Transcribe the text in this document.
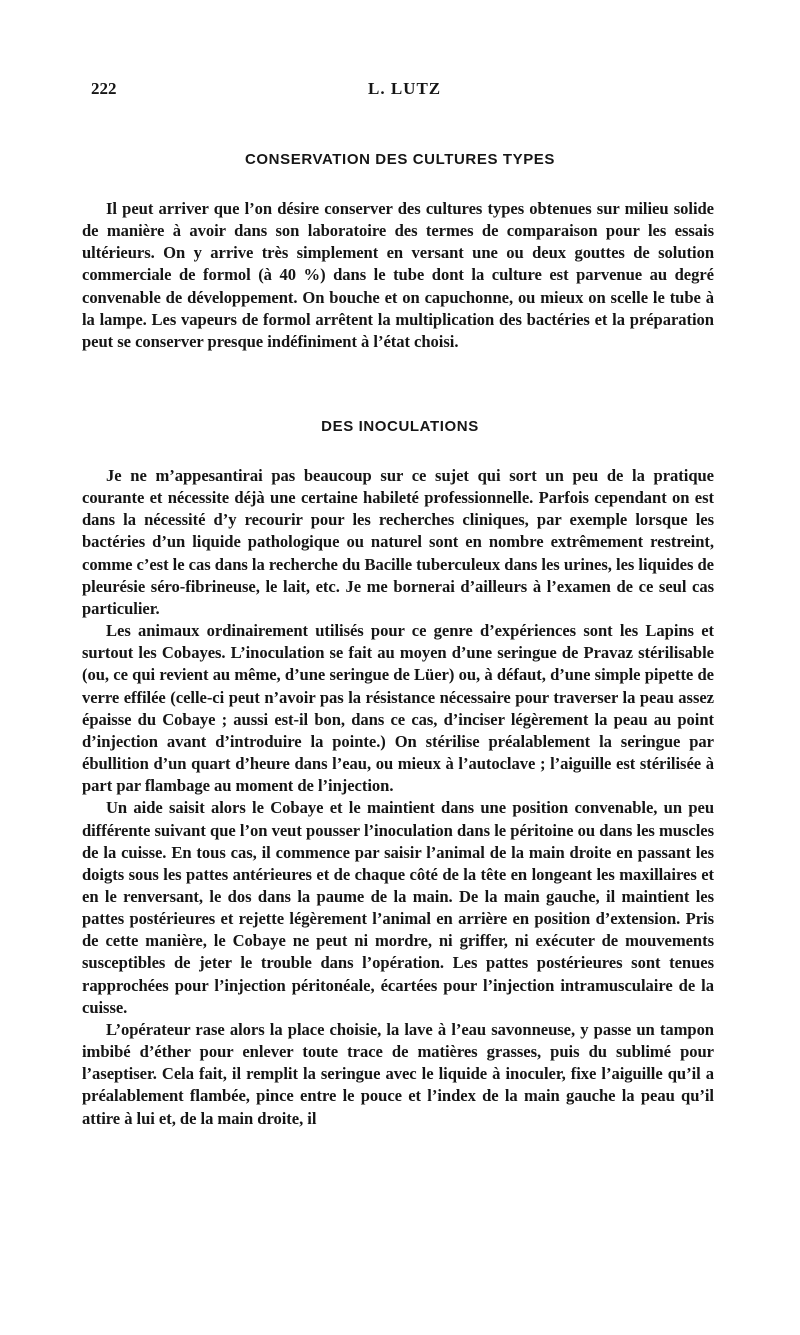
222	L. LUTZ
CONSERVATION DES CULTURES TYPES

Il peut arriver que l’on désire conserver des cultures types obtenues sur milieu solide de manière à avoir dans son laboratoire des termes de comparaison pour les essais ultérieurs. On y arrive très simplement en versant une ou deux gouttes de solution commerciale de formol (à 40 %) dans le tube dont la culture est parvenue au degré convenable de développement. On bouche et on capuchonne, ou mieux on scelle le tube à la lampe. Les vapeurs de formol arrêtent la multiplication des bactéries et la préparation peut se conserver presque indéfiniment à l’état choisi.

DES INOCULATIONS

Je ne m’appesantirai pas beaucoup sur ce sujet qui sort un peu de la pratique courante et nécessite déjà une certaine habileté professionnelle. Parfois cependant on est dans la nécessité d’y recourir pour les recherches cliniques, par exemple lorsque les bactéries d’un liquide pathologique ou naturel sont en nombre extrêmement restreint, comme c’est le cas dans la recherche du Bacille tuberculeux dans les urines, les liquides de pleurésie séro-fibrineuse, le lait, etc. Je me bornerai d’ailleurs à l’examen de ce seul cas particulier.

Les animaux ordinairement utilisés pour ce genre d’expériences sont les Lapins et surtout les Cobayes. L’inoculation se fait au moyen d’une seringue de Pravaz stérilisable (ou, ce qui revient au même, d’une seringue de Lüer) ou, à défaut, d’une simple pipette de verre effilée (celle-ci peut n’avoir pas la résistance nécessaire pour traverser la peau assez épaisse du Cobaye ; aussi est-il bon, dans ce cas, d’inciser légèrement la peau au point d’injection avant d’introduire la pointe.) On stérilise préalablement la seringue par ébullition d’un quart d’heure dans l’eau, ou mieux à l’autoclave ; l’aiguille est stérilisée à part par flambage au moment de l’injection.

Un aide saisit alors le Cobaye et le maintient dans une position convenable, un peu différente suivant que l’on veut pousser l’inoculation dans le péritoine ou dans les muscles de la cuisse. En tous cas, il commence par saisir l’animal de la main droite en passant les doigts sous les pattes antérieures et de chaque côté de la tête en longeant les maxillaires et en le renversant, le dos dans la paume de la main. De la main gauche, il maintient les pattes postérieures et rejette légèrement l’animal en arrière en position d’extension. Pris de cette manière, le Cobaye ne peut ni mordre, ni griffer, ni exécuter de mouvements susceptibles de jeter le trouble dans l’opération. Les pattes postérieures sont tenues rapprochées pour l’injection péritonéale, écartées pour l’injection intramusculaire de la cuisse.

L’opérateur rase alors la place choisie, la lave à l’eau savonneuse, y passe un tampon imbibé d’éther pour enlever toute trace de matières grasses, puis du sublimé pour l’aseptiser. Cela fait, il remplit la seringue avec le liquide à inoculer, fixe l’aiguille qu’il a préalablement flambée, pince entre le pouce et l’index de la main gauche la peau qu’il attire à lui et, de la main droite, il
